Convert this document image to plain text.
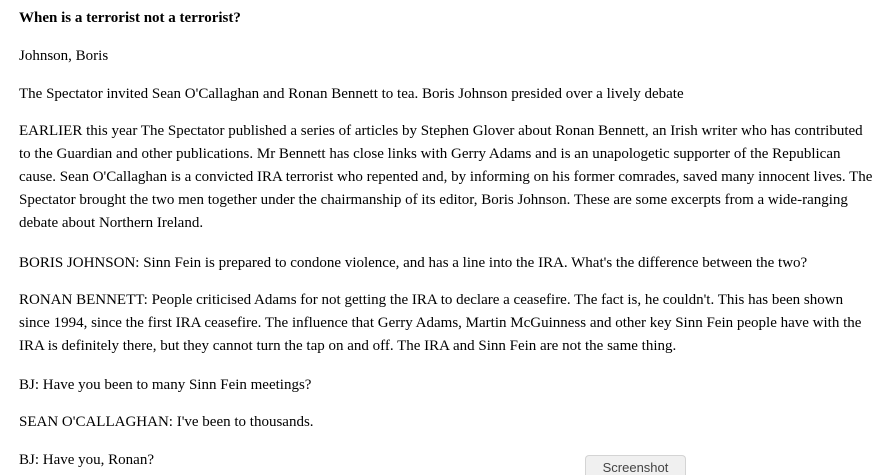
When is a terrorist not a terrorist?

Johnson, Boris

The Spectator invited Sean O'Callaghan and Ronan Bennett to tea. Boris Johnson presided over a lively debate

EARLIER this year The Spectator published a series of articles by Stephen Glover about Ronan Bennett, an Irish writer who has contributed to the Guardian and other publications. Mr Bennett has close links with Gerry Adams and is an unapologetic supporter of the Republican cause. Sean O'Callaghan is a convicted IRA terrorist who repented and, by informing on his former comrades, saved many innocent lives. The Spectator brought the two men together under the chairmanship of its editor, Boris Johnson. These are some excerpts from a wide-ranging debate about Northern Ireland.

BORIS JOHNSON: Sinn Fein is prepared to condone violence, and has a line into the IRA. What's the difference between the two?

RONAN BENNETT: People criticised Adams for not getting the IRA to declare a ceasefire. The fact is, he couldn't. This has been shown since 1994, since the first IRA ceasefire. The influence that Gerry Adams, Martin McGuinness and other key Sinn Fein people have with the IRA is definitely there, but they cannot turn the tap on and off. The IRA and Sinn Fein are not the same thing.

BJ: Have you been to many Sinn Fein meetings?

SEAN O'CALLAGHAN: I've been to thousands.

BJ: Have you, Ronan?	Screenshot
